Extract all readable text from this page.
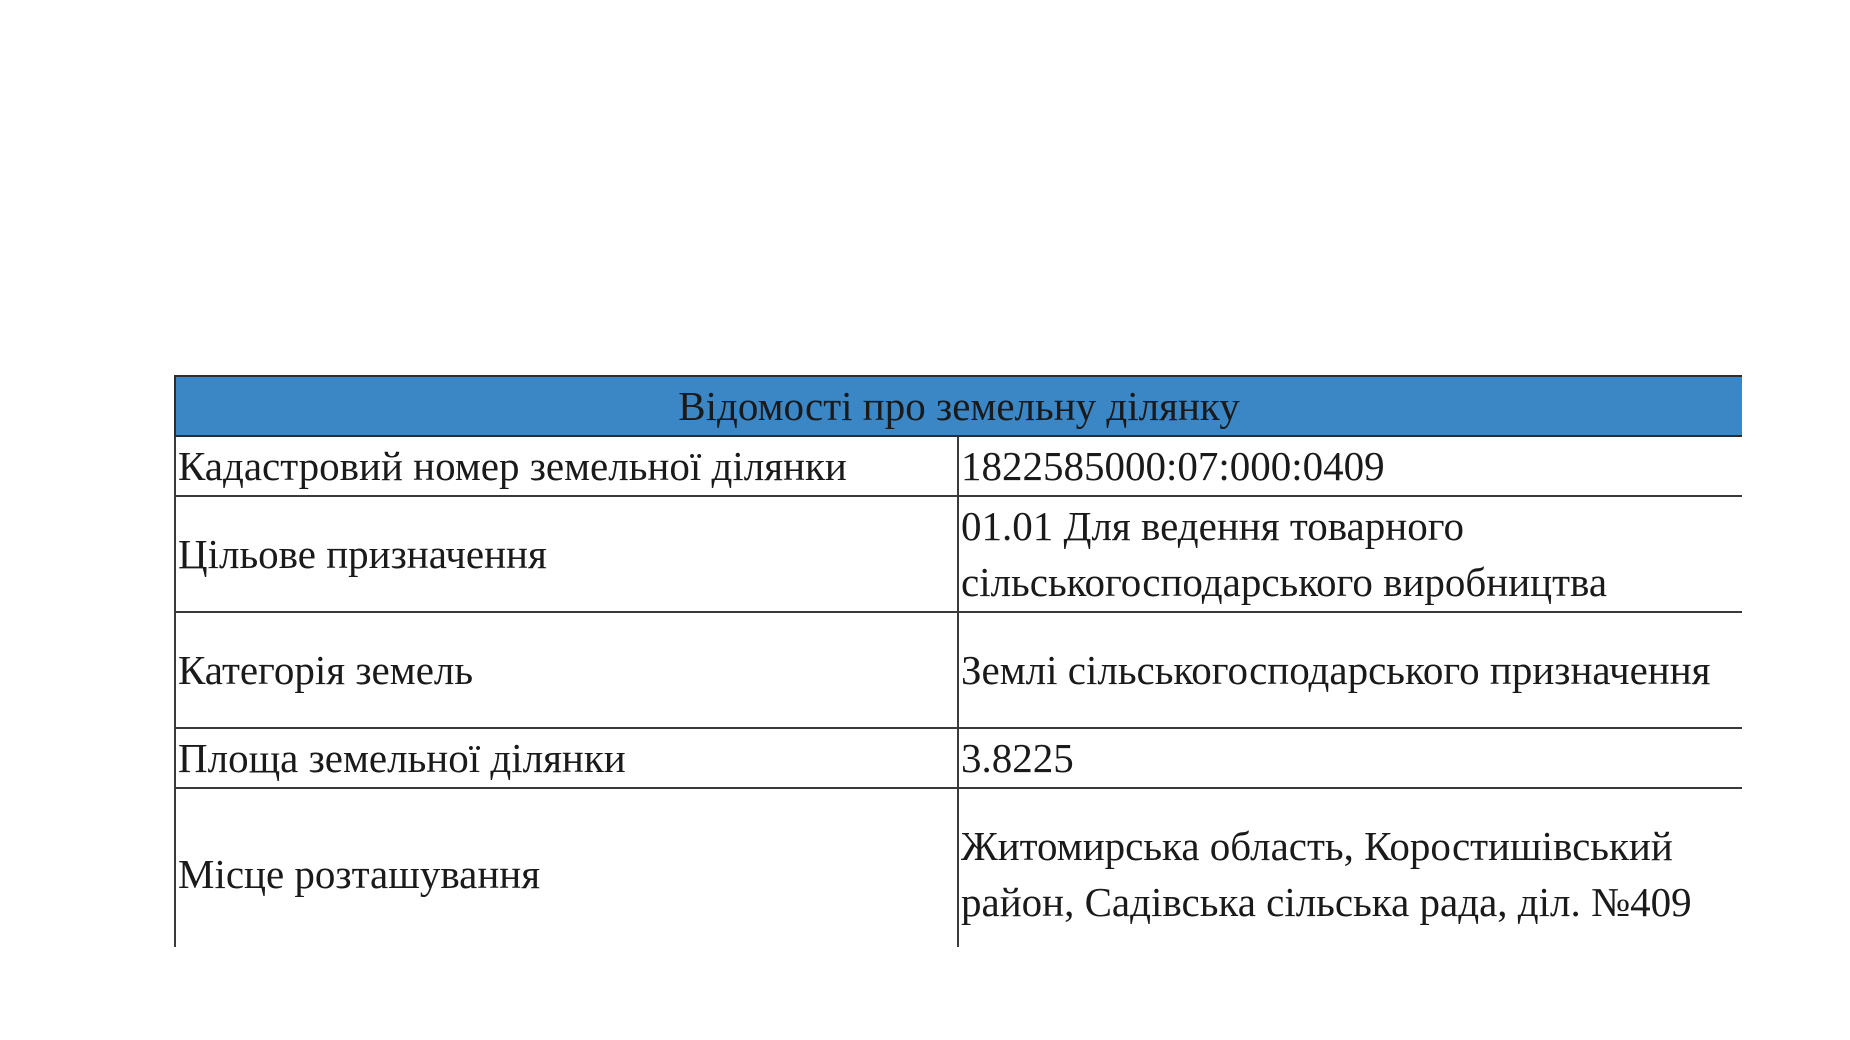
Відомості про земельну ділянку	
Кадастровий номер земельної ділянки	1822585000:07:000:0409
Цільове призначення	01.01 Для ведення товарного сільськогосподарського виробництва
Категорія земель	Землі сільськогосподарського призначення
Площа земельної ділянки	3.8225
Місце розташування	Житомирська область, Коростишівський район, Садівська сільська рада, діл. №409
